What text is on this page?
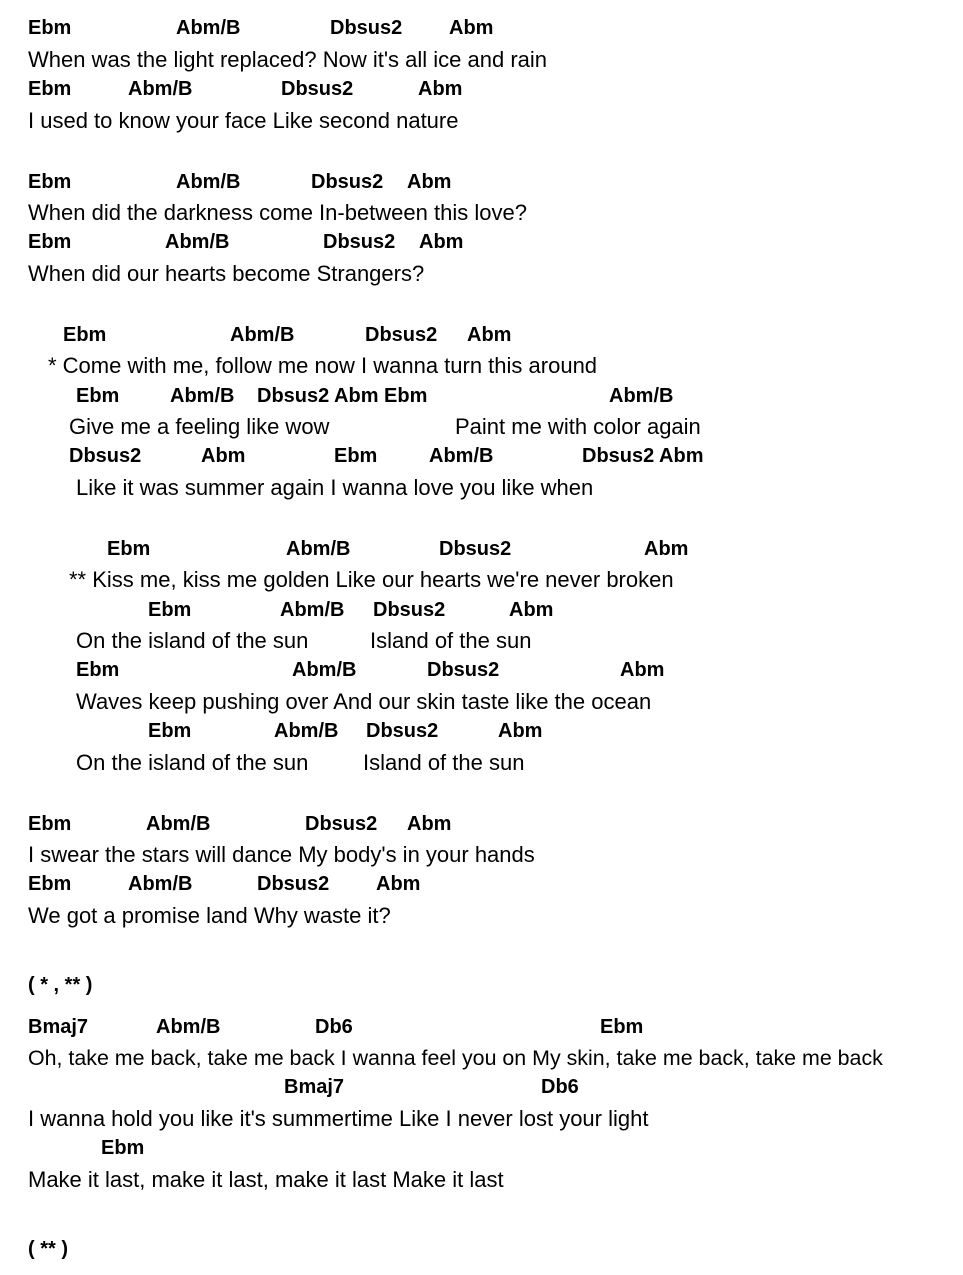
Ebm

	Abm/B

	Dbsus2

Abm

When was the light replaced? Now it's all ice and rain

Ebm

	Abm/B

	Dbsus2

	Abm

I used to know your face Like second nature

Ebm

	Abm/B

	Dbsus2

Abm

When did the darkness come In-between this love?

Ebm

	Abm/B

	Dbsus2

Abm

When did our hearts become Strangers?

Ebm

	Abm/B

	Dbsus2

Abm

* Come with me, follow me now I wanna turn this around

Ebm

	Abm/B

Dbsus2 Abm Ebm

	Abm/B

Give me a feeling like wow

	Paint me with color again

Dbsus2

	Abm

	Ebm

	Abm/B

	Dbsus2 Abm

Like it was summer again I wanna love you like when

Ebm

	Abm/B

	Dbsus2

	Abm

** Kiss me, kiss me golden Like our hearts we're never broken

Ebm

	Abm/B

Dbsus2

	Abm

On the island of the sun

	Island of the sun

Ebm

	Abm/B

	Dbsus2

	Abm

Waves keep pushing over And our skin taste like the ocean

Ebm

	Abm/B

Dbsus2

	Abm

On the island of the sun

Island of the sun

Ebm

	Abm/B

	Dbsus2

Abm

I swear the stars will dance My body's in your hands

Ebm

	Abm/B

	Dbsus2

Abm

We got a promise land Why waste it?

( * , ** )

Bmaj7

	Abm/B

	Db6

	Ebm

Oh, take me back, take me back I wanna feel you on My skin, take me back, take me back

Bmaj7

	Db6

I wanna hold you like it's summertime Like I never lost your light

Ebm

Make it last, make it last, make it last Make it last

( ** )
